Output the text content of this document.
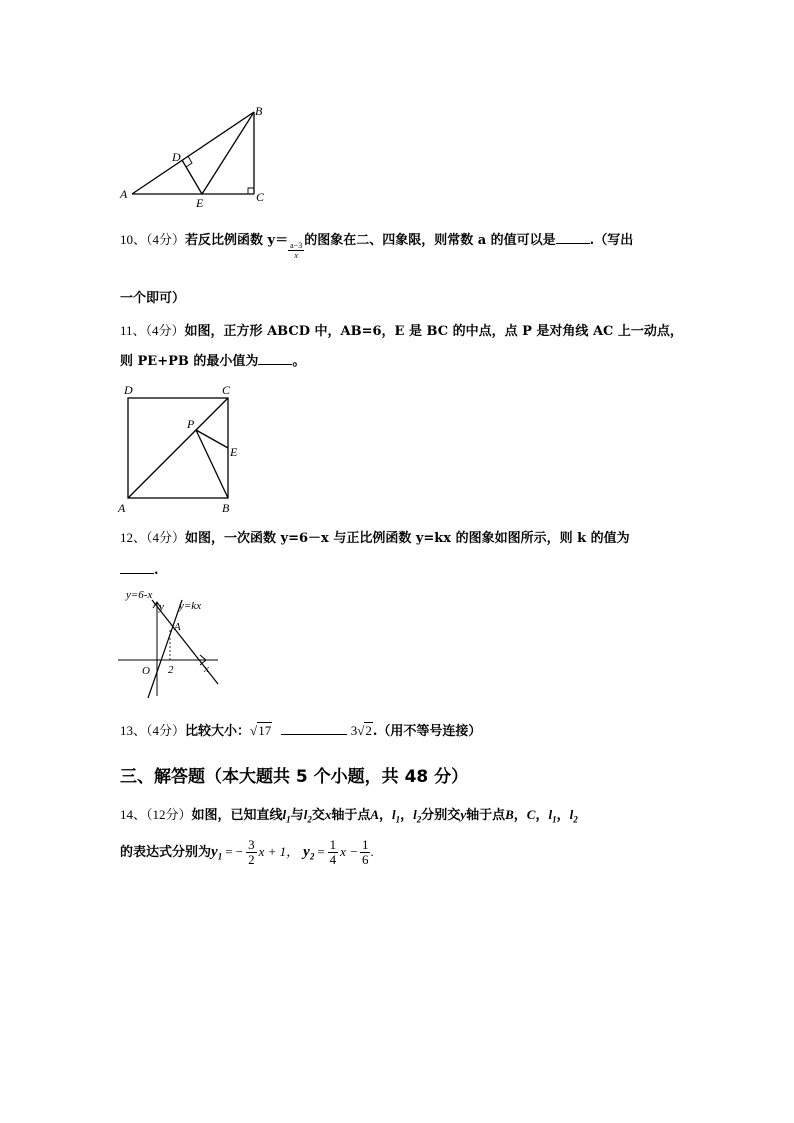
B
A	C
D
E
10、（4分）若反比例函数 y＝
$\frac{a-3}{x}$
的图象在二、四象限，则常数 a 的值可以是	.（写出
一个即可）
11、（4分）如图，正方形 ABCD 中，AB=6，E 是 BC 的中点，点 P 是对角线 AC 上一动点，
则 PE+PB 的最小值为	。
D	C
P
E
A	B
12、（4分）如图，一次函数 y=6－x 与正比例函数 y=kx 的图象如图所示，则 k 的值为
.
y=6-x
y=kx
y
A
O 2	x
13、（4分）比较大小：√17	3√2.（用不等号连接）
三、解答题（本大题共 5 个小题，共 48 分）
14、（12分）如图，已知直线$l_1$与$l_2$交x轴于点A，$l_1$，$l_2$分别交y轴于点B，C，$l_1$，$l_2$
的表达式分别为$y_1$ = − $\frac{3}{2}$ x + 1， $y_2 = \frac{1}{4}$ $x - \frac{1}{6}$ .
